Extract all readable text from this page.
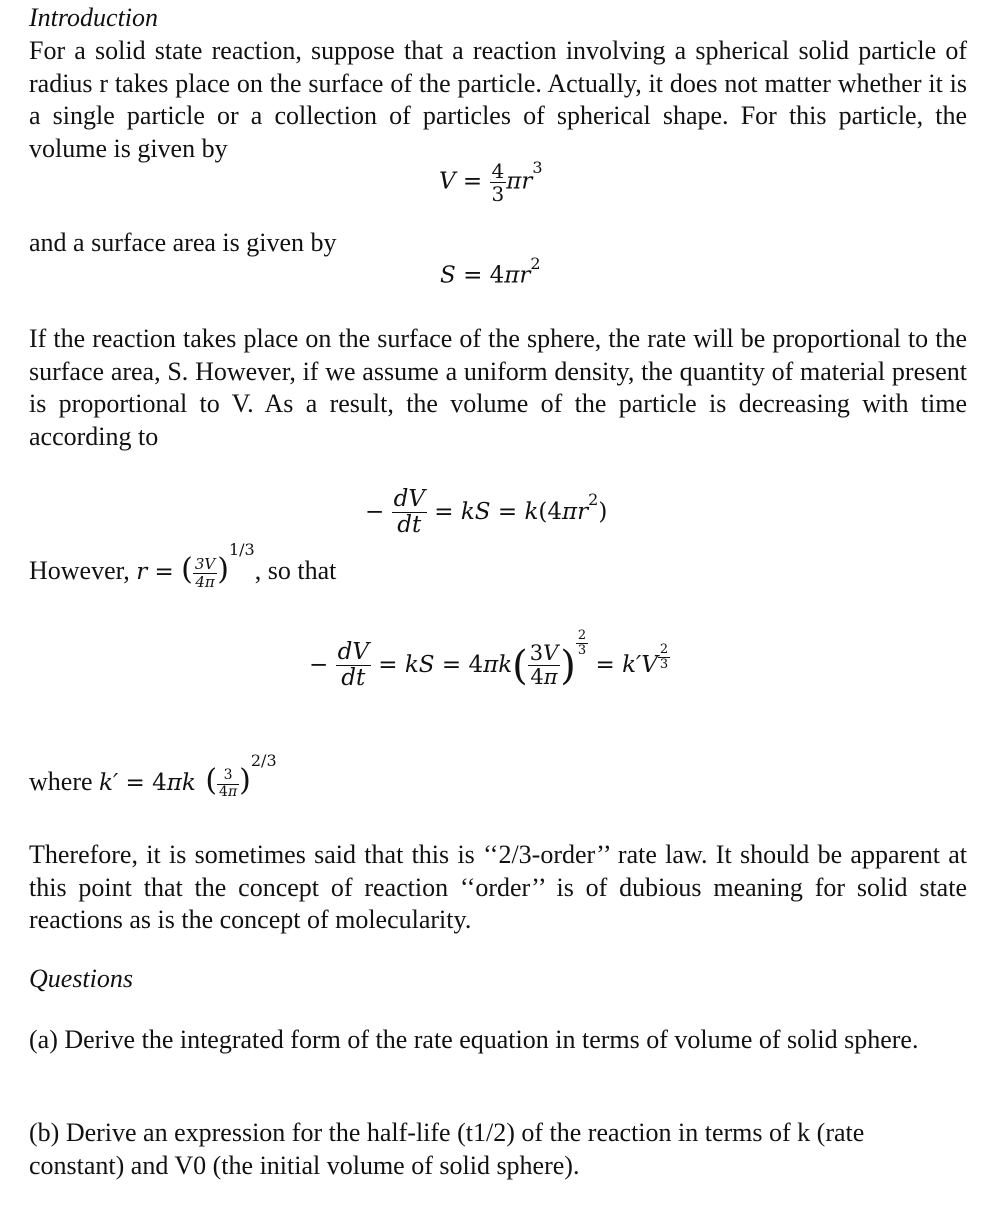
Introduction

For a solid state reaction, suppose that a reaction involving a spherical solid particle of radius r takes place on the surface of the particle. Actually, it does not matter whether it is a single particle or a collection of particles of spherical shape. For this particle, the volume is given by

$V = \frac{4}{3} \pi r^3$
and a surface area is given by
$S = 4\pi r^2$

If the reaction takes place on the surface of the sphere, the rate will be proportional to the surface area, S. However, if we assume a uniform density, the quantity of material present is proportional to V. As a result, the volume of the particle is decreasing with time according to

− $\frac{dV}{dt}$ = kS = $k(4\pi r^2)$
However, r = ( $\frac{3V}{4\pi} )^{1/3}$, so that
− $\frac{dV}{dt}$ = kS = $4\pi k( \frac{3V}{4\pi}$ ) $\frac{2}{3}$
= $k'V \frac{2}{3}$
where k′ = 4πk ( $\frac{3}{4\pi} )^{2/3}$

Therefore, it is sometimes said that this is ‘‘2/3-order’’ rate law. It should be apparent at this point that the concept of reaction ‘‘order’’ is of dubious meaning for solid state reactions as is the concept of molecularity.

Questions

(a) Derive the integrated form of the rate equation in terms of volume of solid sphere.

(b) Derive an expression for the half-life (t1/2) of the reaction in terms of k (rate constant) and V0 (the initial volume of solid sphere).
